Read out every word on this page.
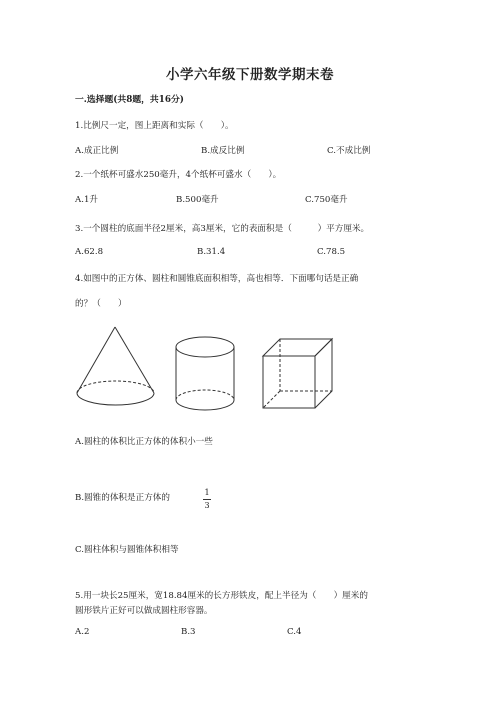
小学六年级下册数学期末卷
一.选择题(共8题，共16分)
1.比例尺一定，图上距离和实际（　　）。
A.成正比例	B.成反比例	C.不成比例
2.一个纸杯可盛水250毫升，4个纸杯可盛水（　　）。
A.1升	B.500毫升	C.750毫升
3.一个圆柱的底面半径2厘米，高3厘米，它的表面积是（　　　）平方厘米。
A.62.8	B.31.4	C.78.5
4.如图中的正方体、圆柱和圆锥底面积相等，高也相等．下面哪句话是正确
的？（　　）
A.圆柱的体积比正方体的体积小一些
B.圆锥的体积是正方体的
1
3
C.圆柱体积与圆锥体积相等
5.用一块长25厘米，宽18.84厘米的长方形铁皮，配上半径为（　　）厘米的
圆形铁片正好可以做成圆柱形容器。
A.2	B.3	C.4
